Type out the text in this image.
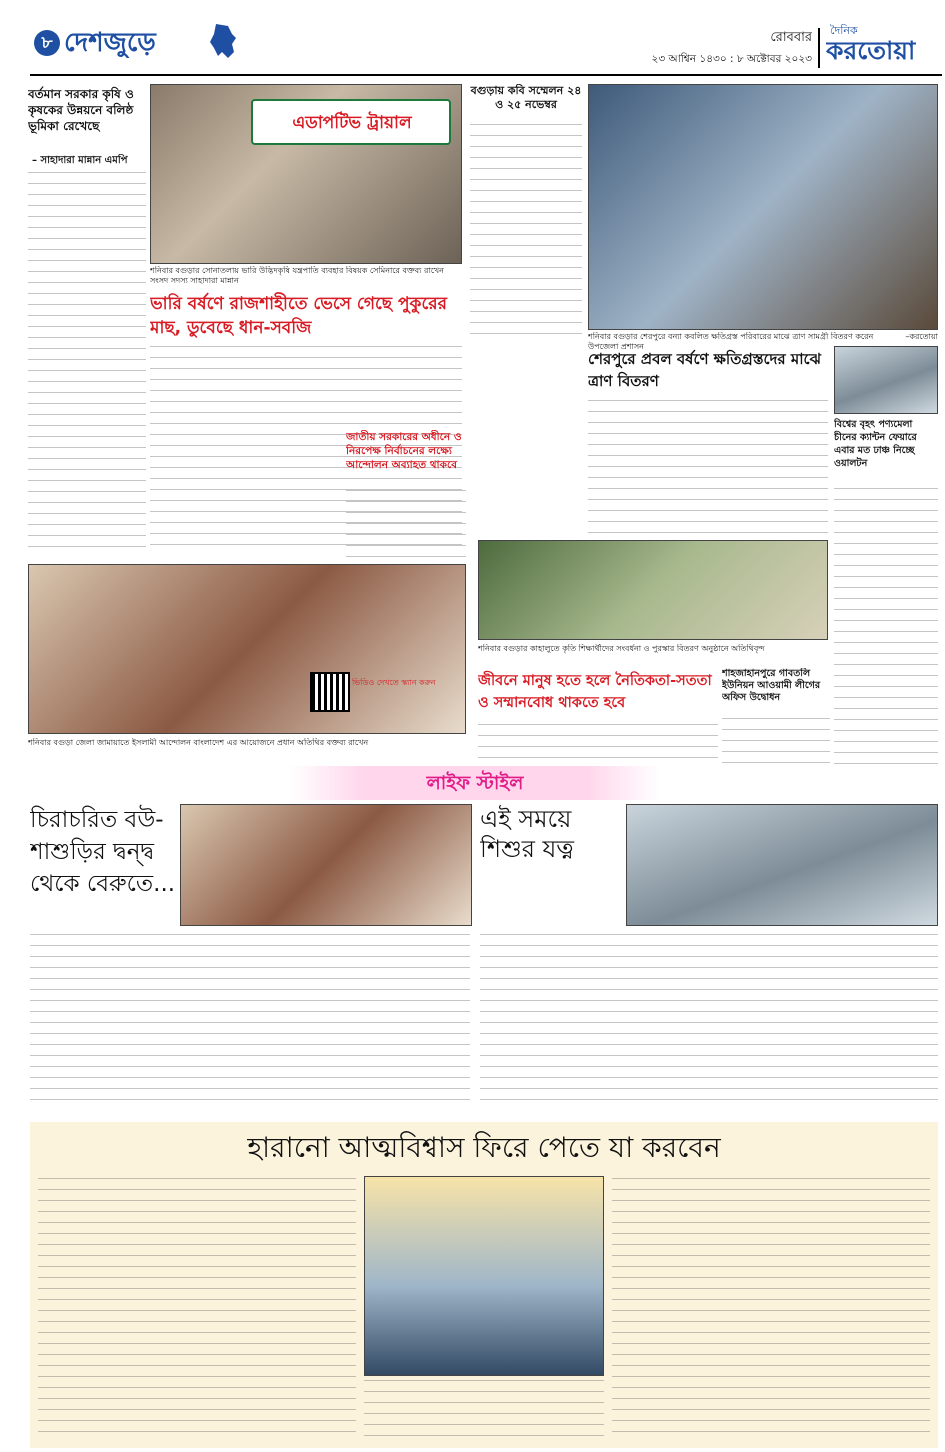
৮ দেশজুড়ে	রোববার
২৩ আশ্বিন ১৪৩০ : ৮ অক্টোবর ২০২৩
দৈনিক
করতোয়া
বর্তমান সরকার কৃষি ও কৃষকের উন্নয়নে বলিষ্ঠ ভূমিকা রেখেছে
– সাহাদারা মান্নান এমপি
এডাপটিভ ট্রায়াল
শনিবার বগুড়ার সোনাতলায় ভারি উদ্ভিদকৃষি যন্ত্রপাতি ব্যবহার বিষয়ক সেমিনারে বক্তব্য রাখেন সংসদ সদস্য সাহাদারা মান্নান
ভারি বর্ষণে রাজশাহীতে ভেসে গেছে পুকুরের মাছ, ডুবেছে ধান-সবজি
বগুড়ায় কবি সম্মেলন ২৪ ও ২৫ নভেম্বর
শনিবার বগুড়ার শেরপুরে বন্যা কবলিত ক্ষতিগ্রস্ত পরিবারের মাঝে ত্রাণ সামগ্রী বিতরণ করেন উপজেলা প্রশাসন
–করতোয়া
শেরপুরে প্রবল বর্ষণে ক্ষতিগ্রস্তদের মাঝে ত্রাণ বিতরণ
বিশ্বের বৃহৎ পণ্যমেলা চীনের ক্যান্টন ফেয়ারে এবার মত ঢাঞ্চ নিচ্ছে ওয়ালটন
জাতীয় সরকারের অধীনে ও নিরপেক্ষ নির্বাচনের লক্ষ্যে আন্দোলন অব্যাহত থাকবে
শনিবার বগুড়ার কাহালুতে কৃতি শিক্ষার্থীদের সংবর্ধনা ও পুরস্কার বিতরণ অনুষ্ঠানে অতিথিবৃন্দ
জীবনে মানুষ হতে হলে নৈতিকতা-সততা ও সম্মানবোধ থাকতে হবে
শাহজাহানপুরে গাবতলি ইউনিয়ন আওয়ামী লীগের অফিস উদ্বোধন
ভিডিও দেখতে স্ক্যান করুন
শনিবার বগুড়া জেলা জামায়াতে ইসলামী আন্দোলন বাংলাদেশ এর আয়োজনে প্রধান অতিথির বক্তব্য রাখেন
লাইফ স্টাইল
চিরাচরিত বউ-শাশুড়ির দ্বন্দ্ব থেকে বেরুতে...
এই সময়ে শিশুর যত্ন
হারানো আত্মবিশ্বাস ফিরে পেতে যা করবেন
